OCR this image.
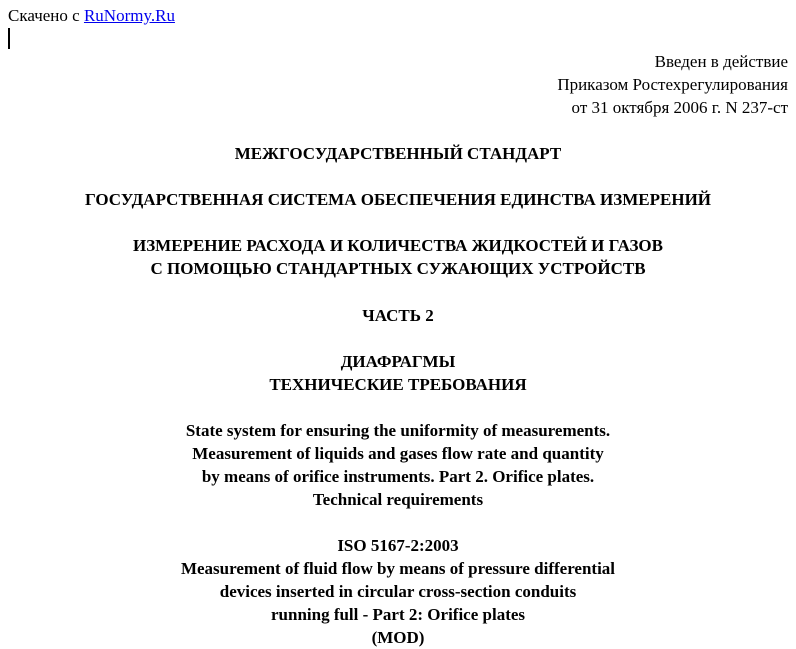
Скачено с RuNormy.Ru
Введен в действие
Приказом Ростехрегулирования
от 31 октября 2006 г. N 237-ст
МЕЖГОСУДАРСТВЕННЫЙ СТАНДАРТ
ГОСУДАРСТВЕННАЯ СИСТЕМА ОБЕСПЕЧЕНИЯ ЕДИНСТВА ИЗМЕРЕНИЙ
ИЗМЕРЕНИЕ РАСХОДА И КОЛИЧЕСТВА ЖИДКОСТЕЙ И ГАЗОВ
С ПОМОЩЬЮ СТАНДАРТНЫХ СУЖАЮЩИХ УСТРОЙСТВ
ЧАСТЬ 2
ДИАФРАГМЫ
ТЕХНИЧЕСКИЕ ТРЕБОВАНИЯ
State system for ensuring the uniformity of measurements.
Measurement of liquids and gases flow rate and quantity
by means of orifice instruments. Part 2. Orifice plates.
Technical requirements
ISO 5167-2:2003
Measurement of fluid flow by means of pressure differential
devices inserted in circular cross-section conduits
running full - Part 2: Orifice plates
(MOD)
